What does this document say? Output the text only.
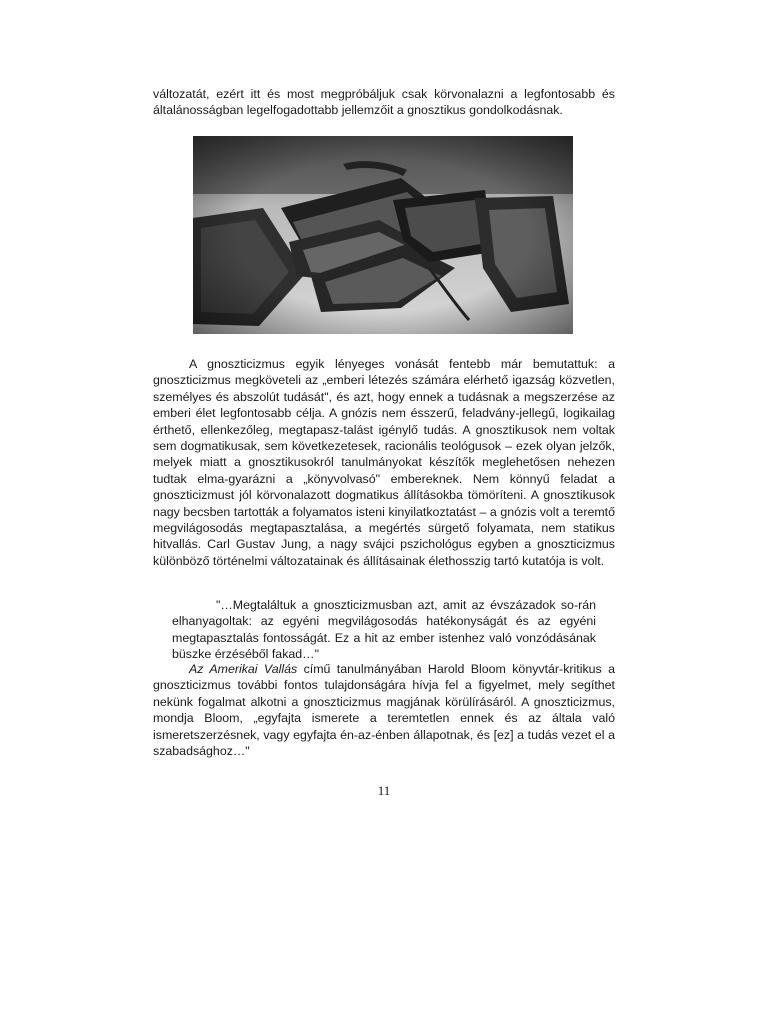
változatát, ezért itt és most megpróbáljuk csak körvonalazni a legfontosabb és általánosságban legelfogadottabb jellemzőit a gnosztikus gondolkodásnak.

A gnoszticizmus egyik lényeges vonását fentebb már bemutattuk: a gnoszticizmus megköveteli az „emberi létezés számára elérhető igazság közvetlen, személyes és abszolút tudását", és azt, hogy ennek a tudásnak a megszerzése az emberi élet legfontosabb célja. A gnózis nem ésszerű, feladvány-jellegű, logikailag érthető, ellenkezőleg, megtapasz-talást igénylő tudás. A gnosztikusok nem voltak sem dogmatikusak, sem következetesek, racionális teológusok – ezek olyan jelzők, melyek miatt a gnosztikusokról tanulmányokat készítők meglehetősen nehezen tudtak elma-gyarázni a „könyvolvasó" embereknek. Nem könnyű feladat a gnoszticizmust jól körvonalazott dogmatikus állításokba tömöríteni. A gnosztikusok nagy becsben tartották a folyamatos isteni kinyilatkoztatást – a gnózis volt a teremtő megvilágosodás megtapasztalása, a megértés sürgető folyamata, nem statikus hitvallás. Carl Gustav Jung, a nagy svájci pszichológus egyben a gnoszticizmus különböző történelmi változatainak és állításainak élethosszig tartó kutatója is volt.

"…Megtaláltuk a gnoszticizmusban azt, amit az évszázadok so-rán elhanyagoltak: az egyéni megvilágosodás hatékonyságát és az egyéni megtapasztalás fontosságát. Ez a hit az ember istenhez való vonzódásának büszke érzéséből fakad…"

Az Amerikai Vallás című tanulmányában Harold Bloom könyvtár-kritikus a gnoszticizmus további fontos tulajdonságára hívja fel a figyelmet, mely segíthet nekünk fogalmat alkotni a gnoszticizmus magjának körülírásáról. A gnoszticizmus, mondja Bloom, „egyfajta ismerete a teremtetlen ennek és az általa való ismeretszerzésnek, vagy egyfajta én-az-énben állapotnak, és [ez] a tudás vezet el a szabadsághoz…"

11
